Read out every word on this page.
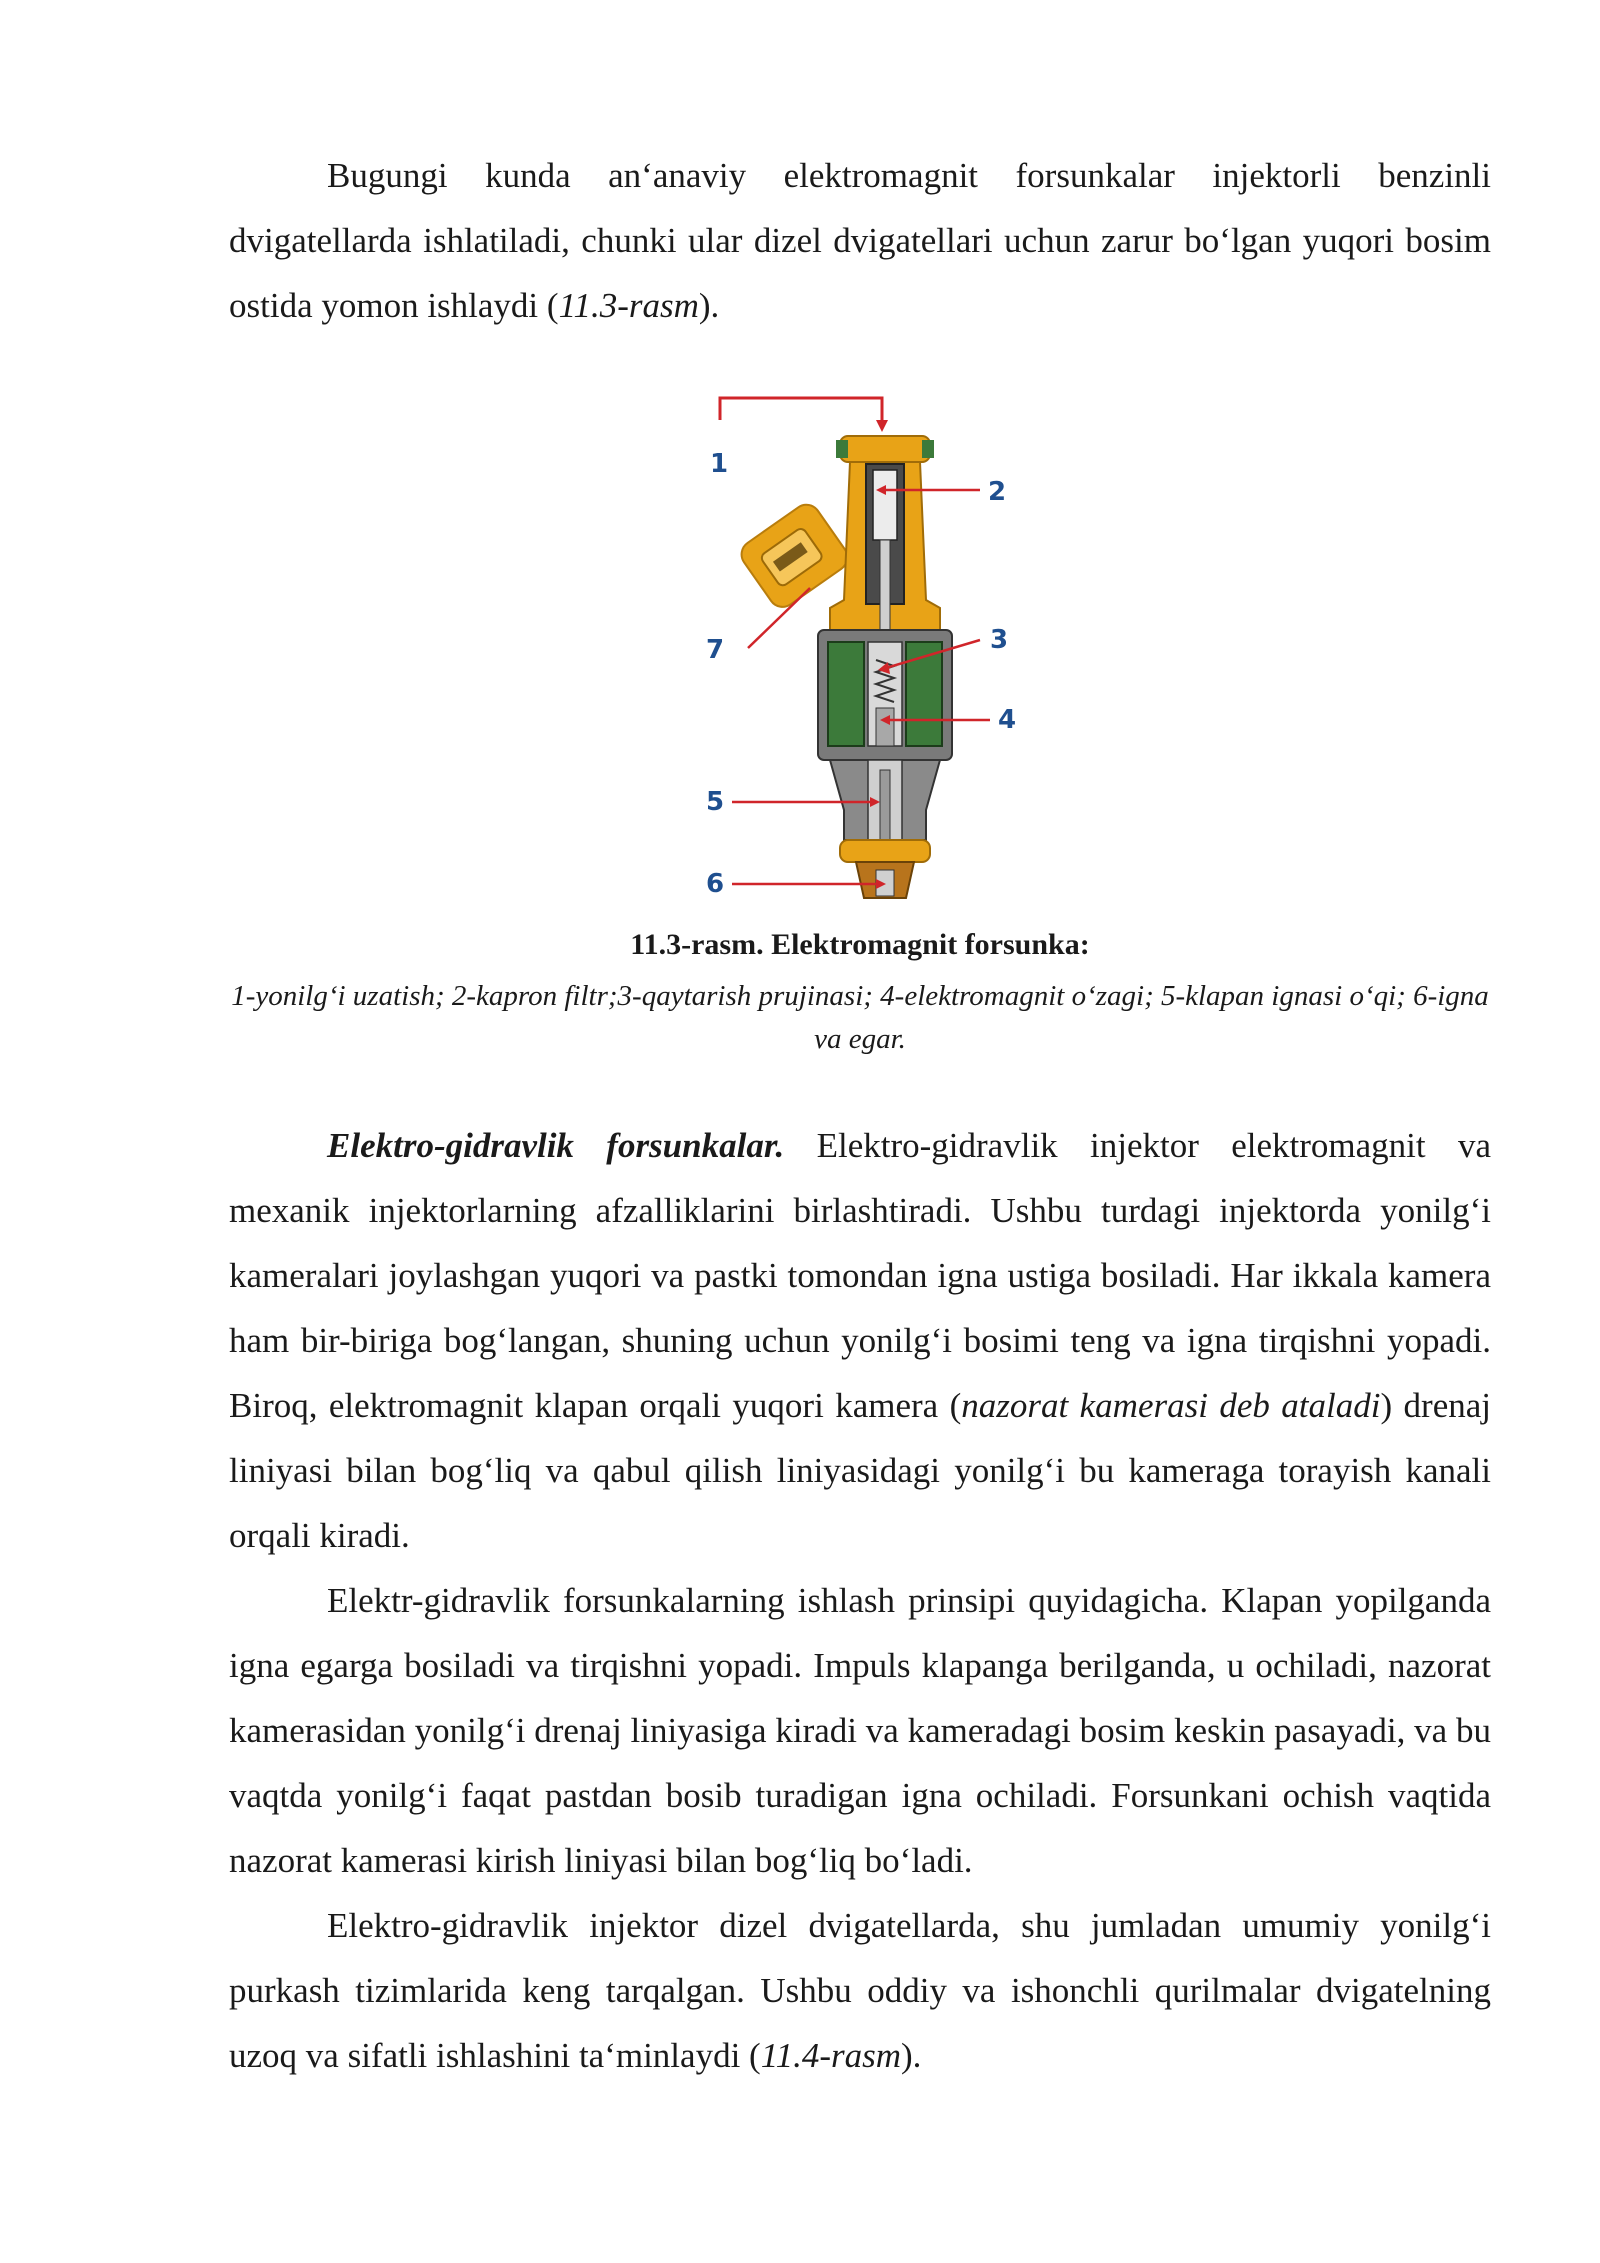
Bugungi kunda an‘anaviy elektromagnit forsunkalar injektorli benzinli dvigatellarda ishlatiladi, chunki ular dizel dvigatellari uchun zarur bo‘lgan yuqori bosim ostida yomon ishlaydi (11.3-rasm).

1
2
3
4
5
6
7

11.3-rasm. Elektromagnit forsunka:

1-yonilg‘i uzatish; 2-kapron filtr;3-qaytarish prujinasi; 4-elektromagnit o‘zagi; 5-klapan ignasi o‘qi; 6-igna va egar.

Elektro-gidravlik forsunkalar. Elektro-gidravlik injektor elektromagnit va mexanik injektorlarning afzalliklarini birlashtiradi. Ushbu turdagi injektorda yonilg‘i kameralari joylashgan yuqori va pastki tomondan igna ustiga bosiladi. Har ikkala kamera ham bir-biriga bog‘langan, shuning uchun yonilg‘i bosimi teng va igna tirqishni yopadi. Biroq, elektromagnit klapan orqali yuqori kamera (nazorat kamerasi deb ataladi) drenaj liniyasi bilan bog‘liq va qabul qilish liniyasidagi yonilg‘i bu kameraga torayish kanali orqali kiradi.

Elektr-gidravlik forsunkalarning ishlash prinsipi quyidagicha. Klapan yopilganda igna egarga bosiladi va tirqishni yopadi. Impuls klapanga berilganda, u ochiladi, nazorat kamerasidan yonilg‘i drenaj liniyasiga kiradi va kameradagi bosim keskin pasayadi, va bu vaqtda yonilg‘i faqat pastdan bosib turadigan igna ochiladi. Forsunkani ochish vaqtida nazorat kamerasi kirish liniyasi bilan bog‘liq bo‘ladi.

Elektro-gidravlik injektor dizel dvigatellarda, shu jumladan umumiy yonilg‘i purkash tizimlarida keng tarqalgan. Ushbu oddiy va ishonchli qurilmalar dvigatelning uzoq va sifatli ishlashini ta‘minlaydi (11.4-rasm).
